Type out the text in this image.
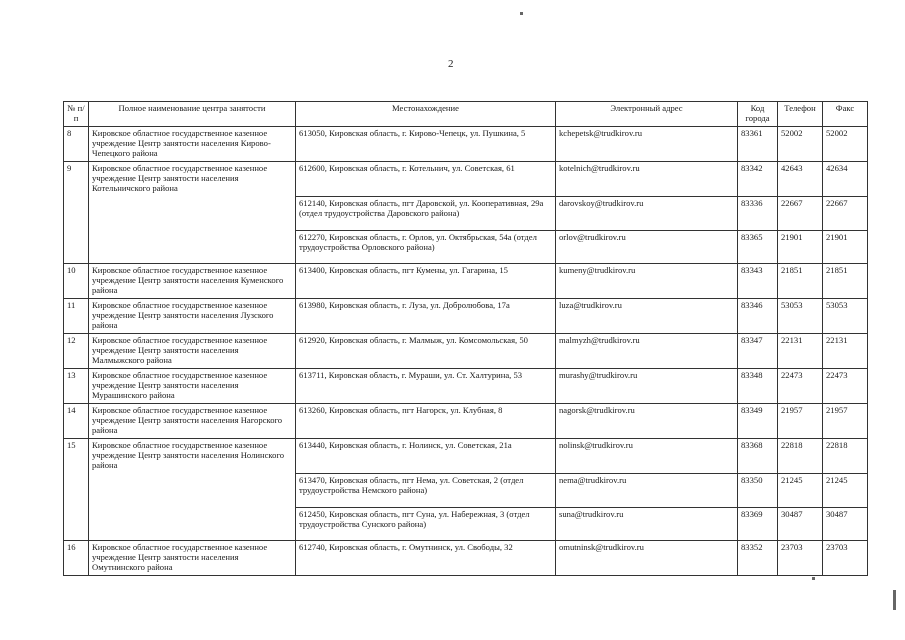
2
№ п/п	Полное наименование центра занятости	Местонахождение	Электронный адрес	Код города	Телефон	Факс
8	Кировское областное государственное казенное учреждение Центр занятости населения Кирово-Чепецкого района	613050, Кировская область, г. Кирово-Чепецк, ул. Пушкина, 5	kchepetsk@trudkirov.ru	83361	52002	52002
9	Кировское областное государственное казенное учреждение Центр занятости населения Котельничского района	612600, Кировская область, г. Котельнич, ул. Советская, 61	kotelnich@trudkirov.ru	83342	42643	42634
		612140, Кировская область, пгт Даровской, ул. Кооперативная, 29а (отдел трудоустройства Даровского района)	darovskoy@trudkirov.ru	83336	22667	22667
		612270, Кировская область, г. Орлов, ул. Октябрьская, 54а (отдел трудоустройства Орловского района)	orlov@trudkirov.ru	83365	21901	21901
10	Кировское областное государственное казенное учреждение Центр занятости населения Куменского района	613400, Кировская область, пгт Кумены, ул. Гагарина, 15	kumeny@trudkirov.ru	83343	21851	21851
11	Кировское областное государственное казенное учреждение Центр занятости населения Лузского района	613980, Кировская область, г. Луза, ул. Добролюбова, 17а	luza@trudkirov.ru	83346	53053	53053
12	Кировское областное государственное казенное учреждение Центр занятости населения Малмыжского района	612920, Кировская область, г. Малмыж, ул. Комсомольская, 50	malmyzh@trudkirov.ru	83347	22131	22131
13	Кировское областное государственное казенное учреждение Центр занятости населения Мурашинского района	613711, Кировская область, г. Мураши, ул. Ст. Халтурина, 53	murashy@trudkirov.ru	83348	22473	22473
14	Кировское областное государственное казенное учреждение Центр занятости населения Нагорского района	613260, Кировская область, пгт Нагорск, ул. Клубная, 8	nagorsk@trudkirov.ru	83349	21957	21957
15	Кировское областное государственное казенное учреждение Центр занятости населения Нолинского района	613440, Кировская область, г. Нолинск, ул. Советская, 21а	nolinsk@trudkirov.ru	83368	22818	22818
		613470, Кировская область, пгт Нема, ул. Советская, 2 (отдел трудоустройства Немского района)	nema@trudkirov.ru	83350	21245	21245
		612450, Кировская область, пгт Суна, ул. Набережная, 3 (отдел трудоустройства Сунского района)	suna@trudkirov.ru	83369	30487	30487
16	Кировское областное государственное казенное учреждение Центр занятости населения Омутнинского района	612740, Кировская область, г. Омутнинск, ул. Свободы, 32	omutninsk@trudkirov.ru	83352	23703	23703
